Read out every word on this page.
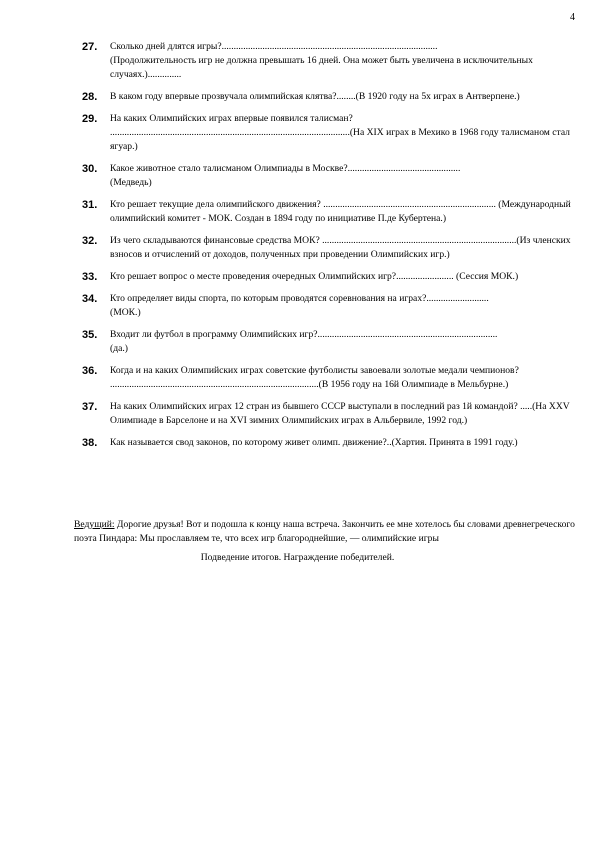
4
27.	Сколько дней длятся игры?..........................................................................................
(Продолжительность игр не должна превышать 16 дней. Она может быть увеличена в исключительных случаях.)..............
28.	В каком году впервые прозвучала олимпийская клятва?........(В 1920 году на 5х играх в Антверпене.)
29.	На каких Олимпийских играх впервые появился талисман? ....................................................................................................(На XIX играх в Мехико в 1968 году талисманом стал ягуар.)
30.	Какое животное стало талисманом Олимпиады в Москве?...............................................
(Медведь)
31.	Кто решает текущие дела олимпийского движения? ........................................................................ (Международный олимпийский комитет - МОК. Создан в 1894 году по инициативе П.де Кубертена.)
32.	Из чего складываются финансовые средства МОК? .................................................................................(Из членских взносов и отчислений от доходов, полученных при проведении Олимпийских игр.)
33.	Кто решает вопрос о месте проведения очередных Олимпийских игр?........................ (Сессия МОК.)
34.	Кто определяет виды спорта, по которым проводятся соревнования на играх?..........................
(МОК.)
35.	Входит ли футбол в программу Олимпийских игр?...........................................................................
(да.)
36.	Когда и на каких Олимпийских играх советские футболисты завоевали золотые медали чемпионов? .......................................................................................(В 1956 году на 16й Олимпиаде в Мельбурне.)
37.	На каких Олимпийских играх 12 стран из бывшего СССР выступали в последний раз 1й командой? .....(На XXV Олимпиаде в Барселоне и на XVI зимних Олимпийских играх в Альбервиле, 1992 год.)
38.	Как называется свод законов, по которому живет олимп. движение?..(Хартия. Принята в 1991 году.)
Ведущий: Дорогие друзья! Вот и подошла к концу наша встреча. Закончить ее мне хотелось бы словами древнегреческого поэта Пиндара: Мы прославляем те, что всех игр благороднейшие, — олимпийские игры
Подведение итогов. Награждение победителей.
